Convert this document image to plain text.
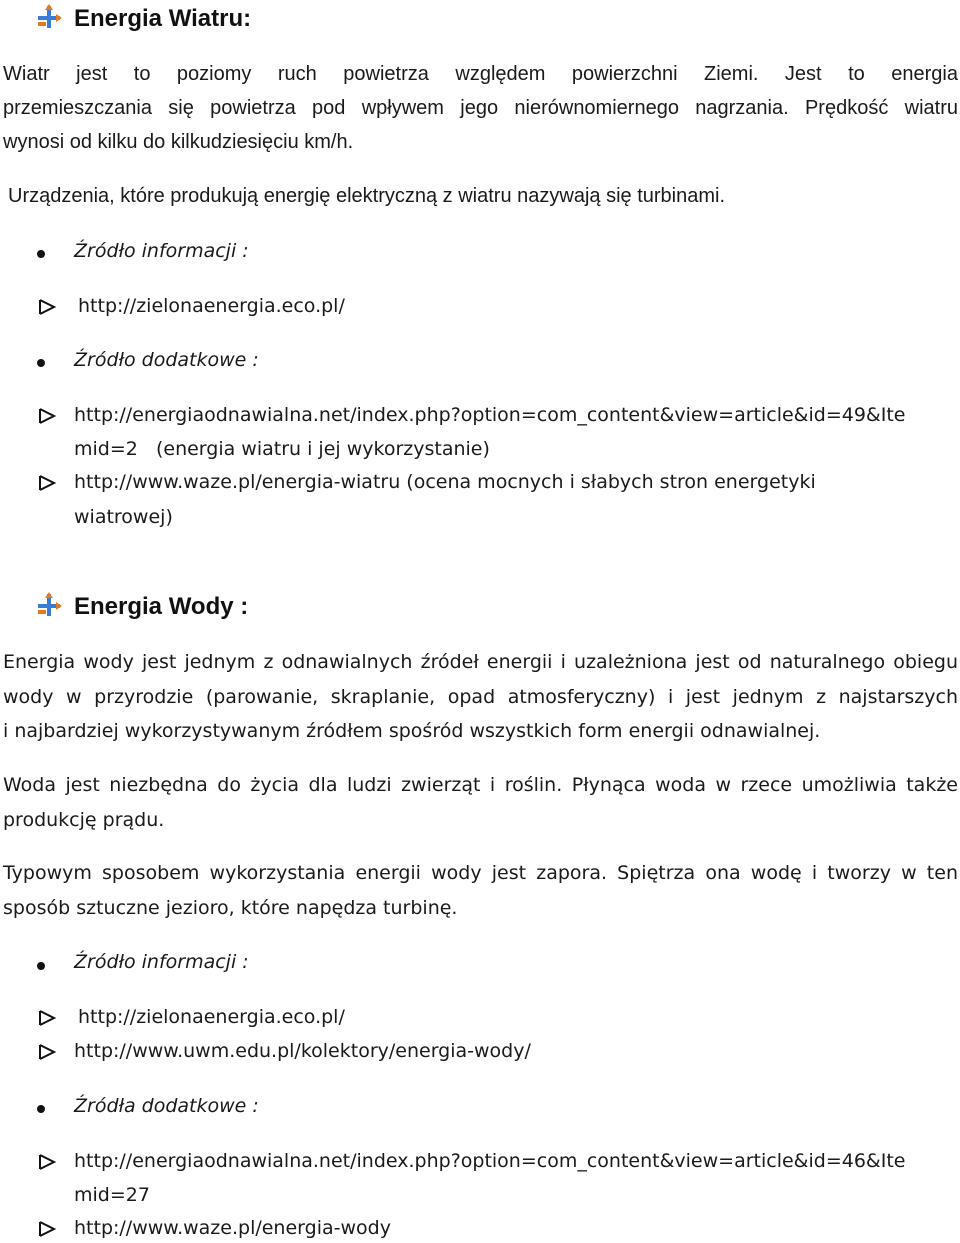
Energia Wiatru:
Wiatr jest to poziomy ruch powietrza względem powierzchni Ziemi. Jest to energia
przemieszczania się powietrza pod wpływem jego nierównomiernego nagrzania. Prędkość wiatru
wynosi od kilku do kilkudziesięciu km/h.
Urządzenia, które produkują energię elektryczną z wiatru nazywają się turbinami.
Źródło informacji :
http://zielonaenergia.eco.pl/
Źródło dodatkowe :
http://energiaodnawialna.net/index.php?option=com_content&view=article&id=49&Ite
mid=2   (energia wiatru i jej wykorzystanie)
http://www.waze.pl/energia-wiatru (ocena mocnych i słabych stron energetyki
wiatrowej)
Energia Wody :
Energia wody jest jednym z odnawialnych źródeł energii i uzależniona jest od naturalnego obiegu
wody w przyrodzie (parowanie, skraplanie, opad atmosferyczny) i jest jednym z najstarszych
i najbardziej wykorzystywanym źródłem spośród wszystkich form energii odnawialnej.
Woda jest niezbędna do życia dla ludzi zwierząt i roślin. Płynąca woda w rzece umożliwia także
produkcję prądu.
Typowym sposobem wykorzystania energii wody jest zapora. Spiętrza ona wodę i tworzy w ten
sposób sztuczne jezioro, które napędza turbinę.
Źródło informacji :
http://zielonaenergia.eco.pl/
http://www.uwm.edu.pl/kolektory/energia-wody/
Źródła dodatkowe :
http://energiaodnawialna.net/index.php?option=com_content&view=article&id=46&Ite
mid=27
http://www.waze.pl/energia-wody
